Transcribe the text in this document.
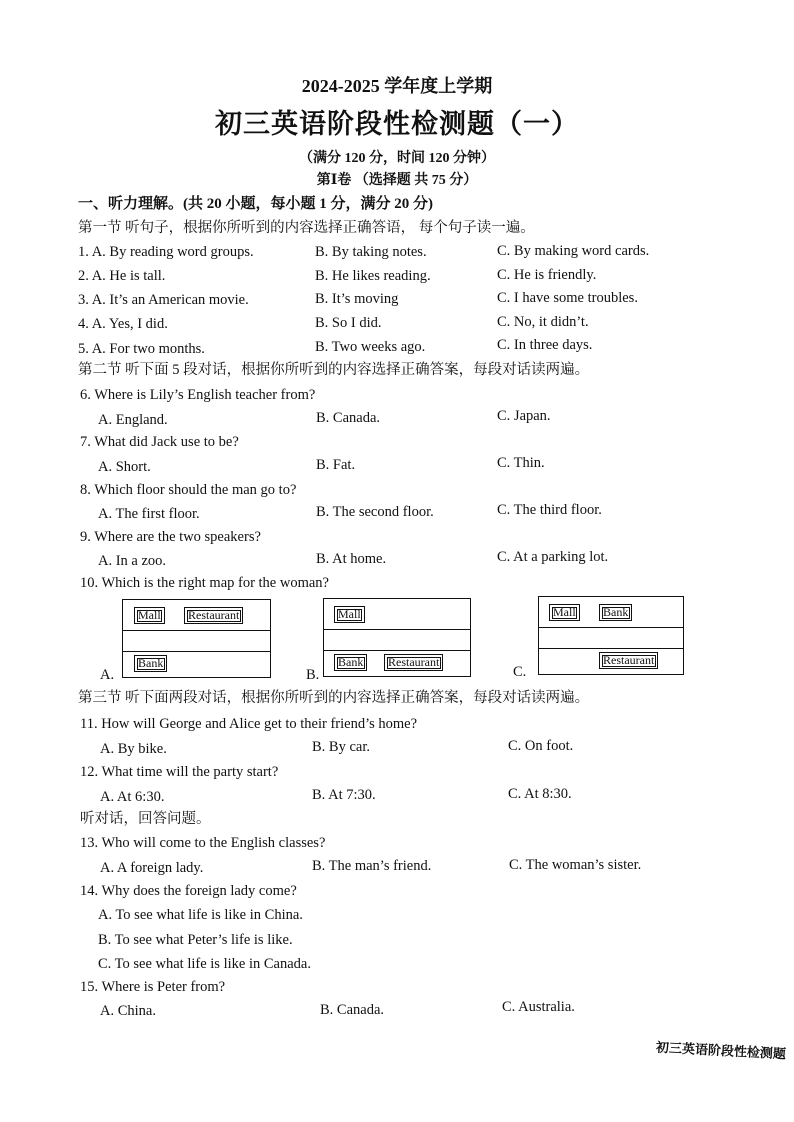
2024-2025 学年度上学期
初三英语阶段性检测题（一）
（满分 120 分，时间 120 分钟）
第Ⅰ卷 （选择题 共 75 分）
一、听力理解。(共 20 小题，每小题 1 分，满分 20 分)
第一节 听句子，根据你所听到的内容选择正确答语， 每个句子读一遍。
1. A. By reading word groups.	B. By taking notes.	C. By making word cards.
2. A. He is tall.	B. He likes reading.	C. He is friendly.
3. A. It’s an American movie.	B. It’s moving	C. I have some troubles.
4. A. Yes, I did.	B. So I did.	C. No, it didn’t.
5. A. For two months.	B. Two weeks ago.	C. In three days.
第二节 听下面 5 段对话，根据你所听到的内容选择正确答案，每段对话读两遍。
6. Where is Lily’s English teacher from?
A. England.	B. Canada.	C. Japan.
7. What did Jack use to be?
A. Short.	B. Fat.	C. Thin.
8. Which floor should the man go to?
A. The first floor.	B. The second floor.	C. The third floor.
9. Where are the two speakers?
A. In a zoo.	B. At home.	C. At a parking lot.
10. Which is the right map for the woman?
A.
Mall	Restaurant
Bank
B.
Mall
Bank	Restaurant
C.
Mall	Bank
Restaurant
第三节 听下面两段对话，根据你所听到的内容选择正确答案，每段对话读两遍。
11. How will George and Alice get to their friend’s home?
A. By bike.	B. By car.	C. On foot.
12. What time will the party start?
A. At 6:30.	B. At 7:30.	C. At 8:30.
听对话，回答问题。
13. Who will come to the English classes?
A. A foreign lady.	B. The man’s friend.	C. The woman’s sister.
14. Why does the foreign lady come?
A. To see what life is like in China.
B. To see what Peter’s life is like.
C. To see what life is like in Canada.
15. Where is Peter from?
A. China.	B. Canada.	C. Australia.
初三英语阶段性检测题
